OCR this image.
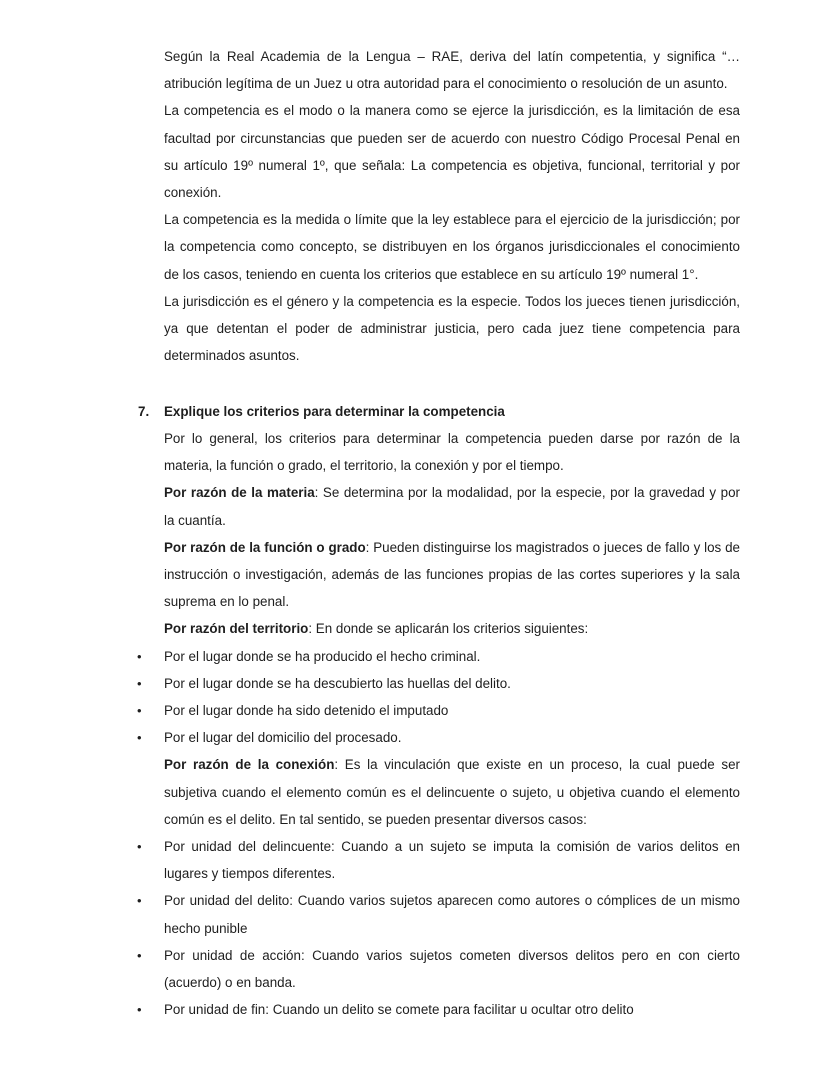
Según la Real Academia de la Lengua – RAE, deriva del latín competentia, y significa “…atribución legítima de un Juez u otra autoridad para el conocimiento o resolución de un asunto.

La competencia es el modo o la manera como se ejerce la jurisdicción, es la limitación de esa facultad por circunstancias que pueden ser de acuerdo con nuestro Código Procesal Penal en su artículo 19º numeral 1º, que señala: La competencia es objetiva, funcional, territorial y por conexión.

La competencia es la medida o límite que la ley establece para el ejercicio de la jurisdicción; por la competencia como concepto, se distribuyen en los órganos jurisdiccionales el conocimiento de los casos, teniendo en cuenta los criterios que establece en su artículo 19º numeral 1°.

La jurisdicción es el género y la competencia es la especie. Todos los jueces tienen jurisdicción, ya que detentan el poder de administrar justicia, pero cada juez tiene competencia para determinados asuntos.

7. Explique los criterios para determinar la competencia

Por lo general, los criterios para determinar la competencia pueden darse por razón de la materia, la función o grado, el territorio, la conexión y por el tiempo.

Por razón de la materia: Se determina por la modalidad, por la especie, por la gravedad y por la cuantía.

Por razón de la función o grado: Pueden distinguirse los magistrados o jueces de fallo y los de instrucción o investigación, además de las funciones propias de las cortes superiores y la sala suprema en lo penal.

Por razón del territorio: En donde se aplicarán los criterios siguientes:

• Por el lugar donde se ha producido el hecho criminal.

• Por el lugar donde se ha descubierto las huellas del delito.

• Por el lugar donde ha sido detenido el imputado

• Por el lugar del domicilio del procesado.

Por razón de la conexión: Es la vinculación que existe en un proceso, la cual puede ser subjetiva cuando el elemento común es el delincuente o sujeto, u objetiva cuando el elemento común es el delito. En tal sentido, se pueden presentar diversos casos:

• Por unidad del delincuente: Cuando a un sujeto se imputa la comisión de varios delitos en lugares y tiempos diferentes.

• Por unidad del delito: Cuando varios sujetos aparecen como autores o cómplices de un mismo hecho punible

• Por unidad de acción: Cuando varios sujetos cometen diversos delitos pero en con cierto (acuerdo) o en banda.

• Por unidad de fin: Cuando un delito se comete para facilitar u ocultar otro delito
